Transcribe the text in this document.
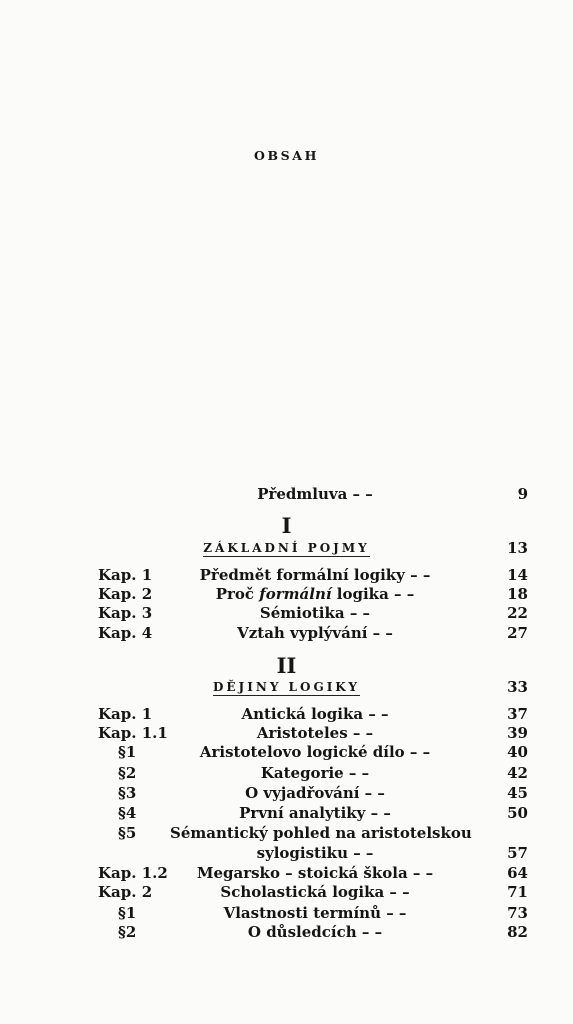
OBSAH
Předmluva – –	9
I
ZÁKLADNÍ POJMY	13
Kap. 1	Předmět formální logiky – –	14
Kap. 2	Proč formální logika – –	18
Kap. 3	Sémiotika – –	22
Kap. 4	Vztah vyplývání – –	27
II
DĚJINY LOGIKY	33
Kap. 1	Antická logika – –	37
Kap. 1.1	Aristoteles – –	39
§1	Aristotelovo logické dílo – –	40
§2	Kategorie – –	42
§3	O vyjadřování – –	45
§4	První analytiky – –	50
§5 Sémantický pohled na aristotelskou
sylogistiku – –	57
Kap. 1.2	Megarsko – stoická škola – –	64
Kap. 2	Scholastická logika – –	71
§1	Vlastnosti termínů – –	73
§2	O důsledcích – –	82
